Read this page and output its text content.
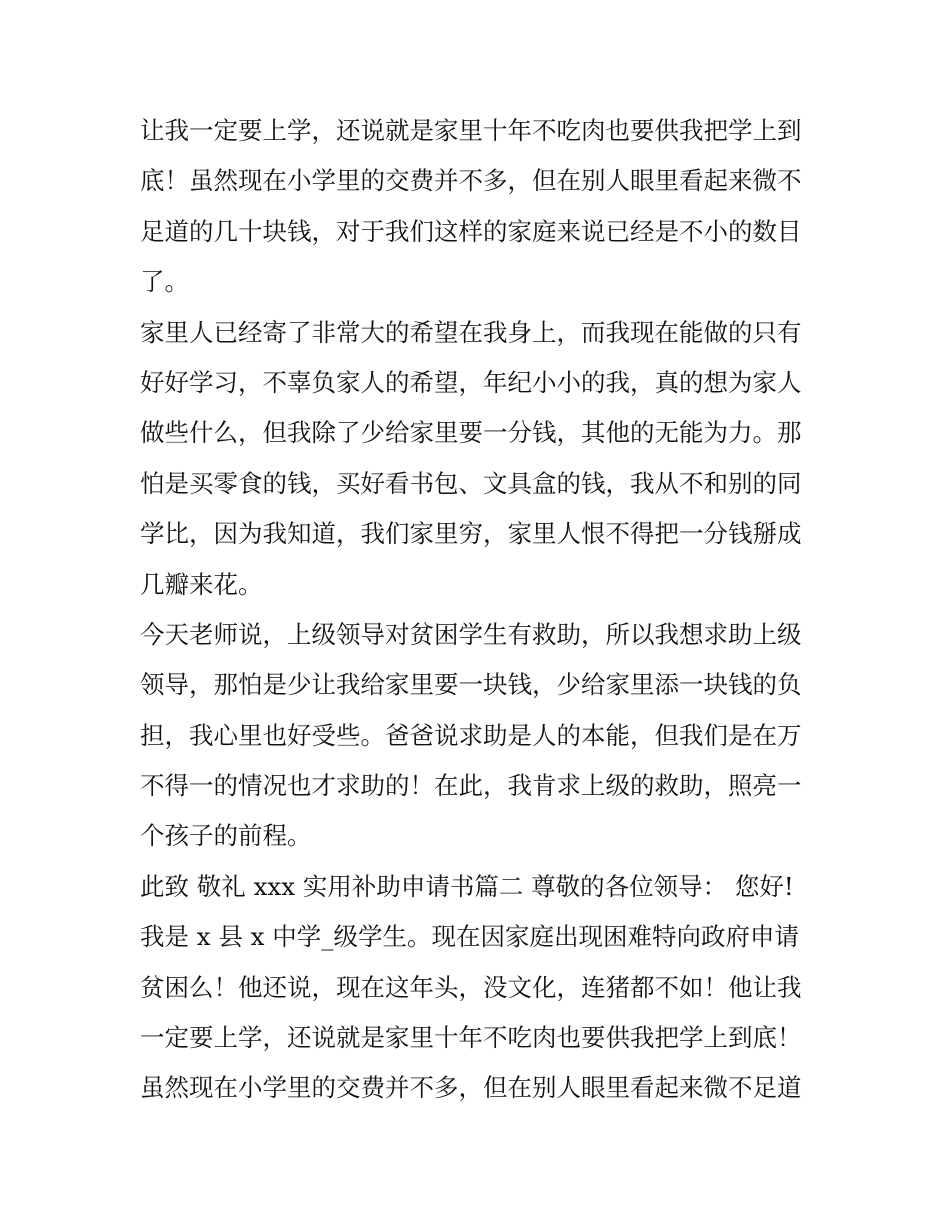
让我一定要上学，还说就是家里十年不吃肉也要供我把学上到
底！虽然现在小学里的交费并不多，但在别人眼里看起来微不
足道的几十块钱，对于我们这样的家庭来说已经是不小的数目
了。
家里人已经寄了非常大的希望在我身上，而我现在能做的只有
好好学习，不辜负家人的希望，年纪小小的我，真的想为家人
做些什么，但我除了少给家里要一分钱，其他的无能为力。那
怕是买零食的钱，买好看书包、文具盒的钱，我从不和别的同
学比，因为我知道，我们家里穷，家里人恨不得把一分钱掰成
几瓣来花。
今天老师说，上级领导对贫困学生有救助，所以我想求助上级
领导，那怕是少让我给家里要一块钱，少给家里添一块钱的负
担，我心里也好受些。爸爸说求助是人的本能，但我们是在万
不得一的情况也才求助的！在此，我肯求上级的救助，照亮一
个孩子的前程。
此致 敬礼 xxx 实用补助申请书篇二 尊敬的各位领导： 您好!
我是 x 县 x 中学_级学生。现在因家庭出现困难特向政府申请
贫困么！他还说，现在这年头，没文化，连猪都不如！他让我
一定要上学，还说就是家里十年不吃肉也要供我把学上到底！
虽然现在小学里的交费并不多，但在别人眼里看起来微不足道
